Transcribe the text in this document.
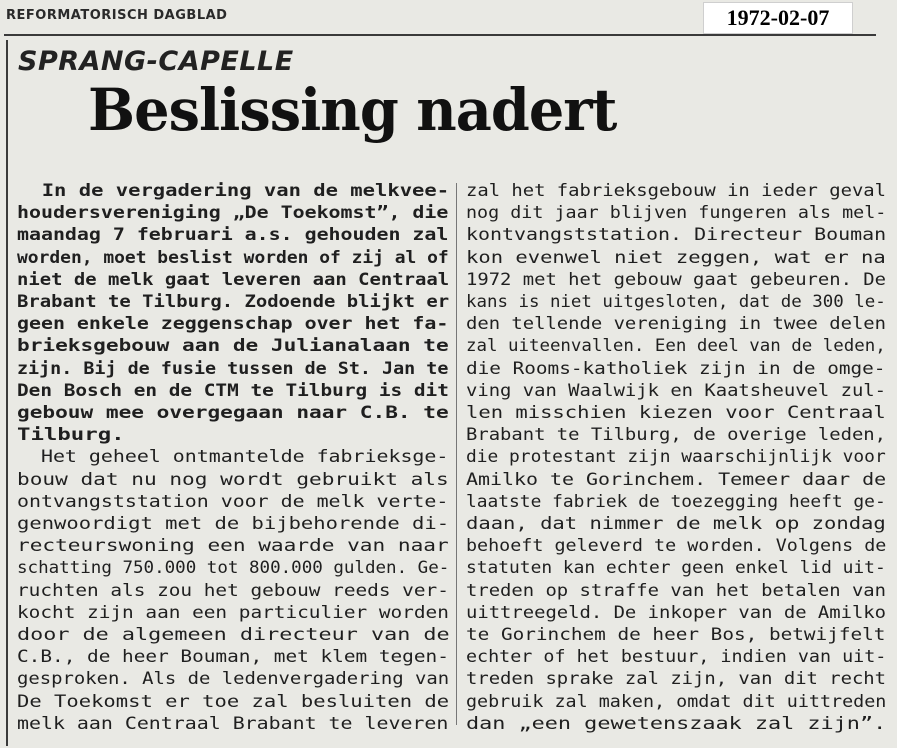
REFORMATORISCH DAGBLAD	1972-02-07
SPRANG-CAPELLE
Beslissing nadert
In de vergadering van de melkvee-
houdersvereniging „De Toekomst”, die
maandag 7 februari a.s. gehouden zal
worden, moet beslist worden of zij al of
niet de melk gaat leveren aan Centraal
Brabant te Tilburg. Zodoende blijkt er
geen enkele zeggenschap over het fa-
brieksgebouw aan de Julianalaan te
zijn. Bij de fusie tussen de St. Jan te
Den Bosch en de CTM te Tilburg is dit
gebouw mee overgegaan naar C.B. te
Tilburg.
Het geheel ontmantelde fabrieksge-
bouw dat nu nog wordt gebruikt als
ontvangststation voor de melk verte-
genwoordigt met de bijbehorende di-
recteurswoning een waarde van naar
schatting 750.000 tot 800.000 gulden. Ge-
ruchten als zou het gebouw reeds ver-
kocht zijn aan een particulier worden
door de algemeen directeur van de
C.B., de heer Bouman, met klem tegen-
gesproken. Als de ledenvergadering van
De Toekomst er toe zal besluiten de
melk aan Centraal Brabant te leveren
zal het fabrieksgebouw in ieder geval
nog dit jaar blijven fungeren als mel-
kontvangststation. Directeur Bouman
kon evenwel niet zeggen, wat er na
1972 met het gebouw gaat gebeuren. De
kans is niet uitgesloten, dat de 300 le-
den tellende vereniging in twee delen
zal uiteenvallen. Een deel van de leden,
die Rooms-katholiek zijn in de omge-
ving van Waalwijk en Kaatsheuvel zul-
len misschien kiezen voor Centraal
Brabant te Tilburg, de overige leden,
die protestant zijn waarschijnlijk voor
Amilko te Gorinchem. Temeer daar de
laatste fabriek de toezegging heeft ge-
daan, dat nimmer de melk op zondag
behoeft geleverd te worden. Volgens de
statuten kan echter geen enkel lid uit-
treden op straffe van het betalen van
uittreegeld. De inkoper van de Amilko
te Gorinchem de heer Bos, betwijfelt
echter of het bestuur, indien van uit-
treden sprake zal zijn, van dit recht
gebruik zal maken, omdat dit uittreden
dan „een gewetenszaak zal zijn”.
